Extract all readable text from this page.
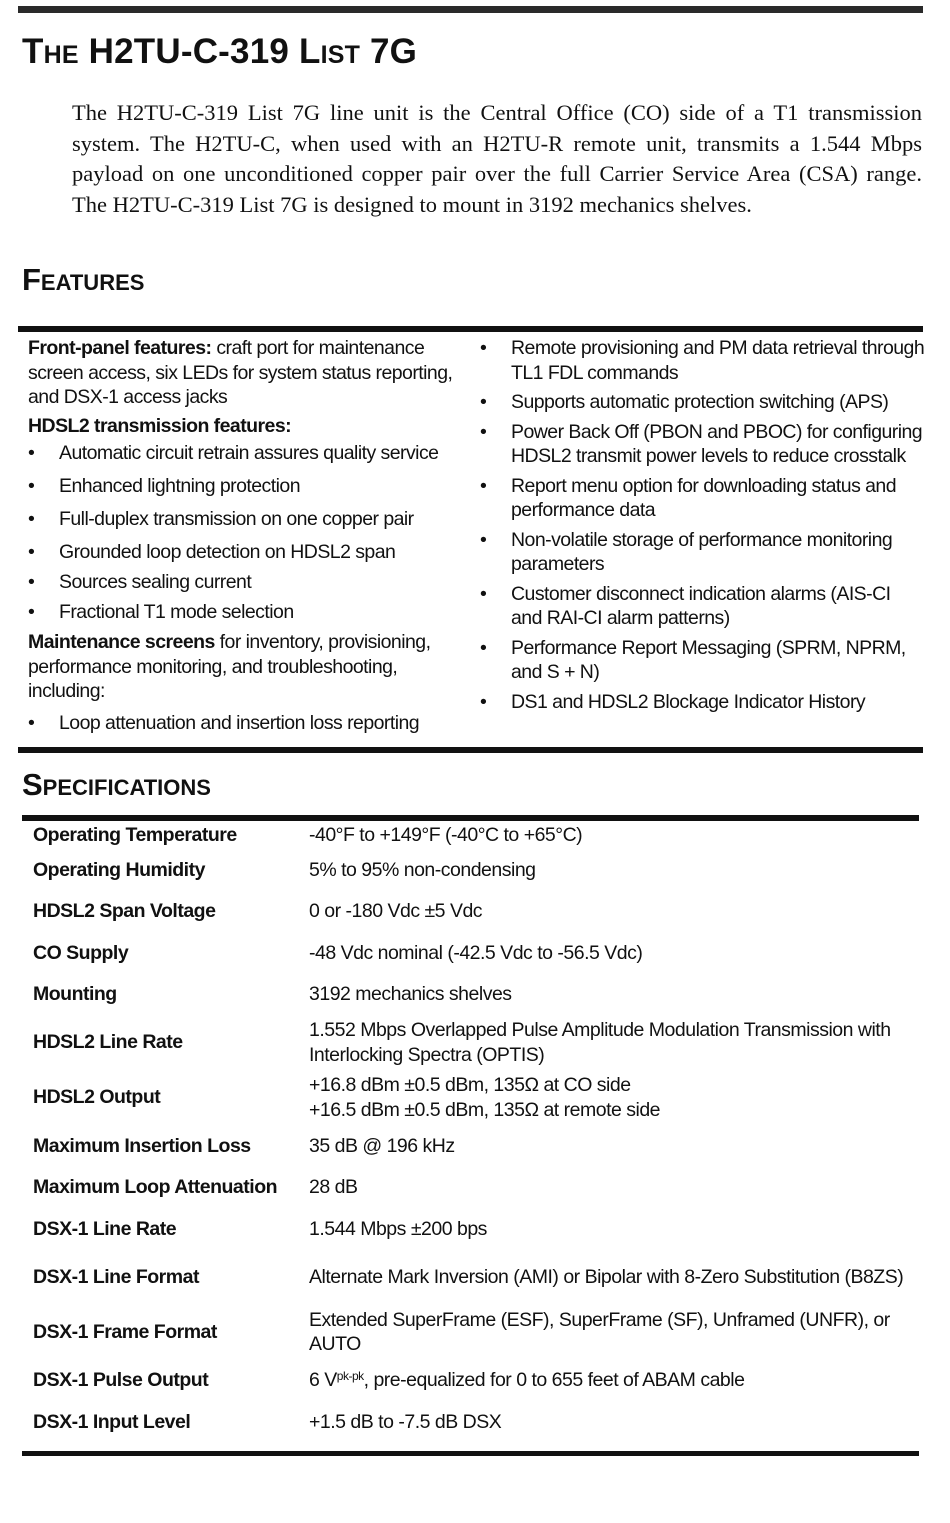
The H2TU-C-319 List 7G

The H2TU-C-319 List 7G line unit is the Central Office (CO) side of a T1 transmission system. The H2TU-C, when used with an H2TU-R remote unit, transmits a 1.544 Mbps payload on one unconditioned copper pair over the full Carrier Service Area (CSA) range. The H2TU-C-319 List 7G is designed to mount in 3192 mechanics shelves.

Features

Front-panel features: craft port for maintenance screen access, six LEDs for system status reporting, and DSX-1 access jacks

HDSL2 transmission features:

• Automatic circuit retrain assures quality service
• Enhanced lightning protection
• Full-duplex transmission on one copper pair
• Grounded loop detection on HDSL2 span
• Sources sealing current
• Fractional T1 mode selection

Maintenance screens for inventory, provisioning, performance monitoring, and troubleshooting, including:

• Loop attenuation and insertion loss reporting
• Remote provisioning and PM data retrieval through TL1 FDL commands
• Supports automatic protection switching (APS)
• Power Back Off (PBON and PBOC) for configuring HDSL2 transmit power levels to reduce crosstalk
• Report menu option for downloading status and performance data
• Non-volatile storage of performance monitoring parameters
• Customer disconnect indication alarms (AIS-CI and RAI-CI alarm patterns)
• Performance Report Messaging (SPRM, NPRM, and S + N)
• DS1 and HDSL2 Blockage Indicator History
Specifications
Operating Temperature	-40°F to +149°F (-40°C to +65°C)
Operating Humidity	5% to 95% non-condensing
HDSL2 Span Voltage	0 or -180 Vdc ±5 Vdc
CO Supply	-48 Vdc nominal (-42.5 Vdc to -56.5 Vdc)
Mounting	3192 mechanics shelves
HDSL2 Line Rate	1.552 Mbps Overlapped Pulse Amplitude Modulation Transmission with Interlocking Spectra (OPTIS)
HDSL2 Output	+16.8 dBm ±0.5 dBm, 135Ω at CO side
+16.5 dBm ±0.5 dBm, 135Ω at remote side
Maximum Insertion Loss	35 dB @ 196 kHz
Maximum Loop Attenuation	28 dB
DSX-1 Line Rate	1.544 Mbps ±200 bps
DSX-1 Line Format	Alternate Mark Inversion (AMI) or Bipolar with 8-Zero Substitution (B8ZS)
DSX-1 Frame Format	Extended SuperFrame (ESF), SuperFrame (SF), Unframed (UNFR), or AUTO
DSX-1 Pulse Output	6 $V^{pk-pk}$, pre-equalized for 0 to 655 feet of ABAM cable
DSX-1 Input Level	+1.5 dB to -7.5 dB DSX
